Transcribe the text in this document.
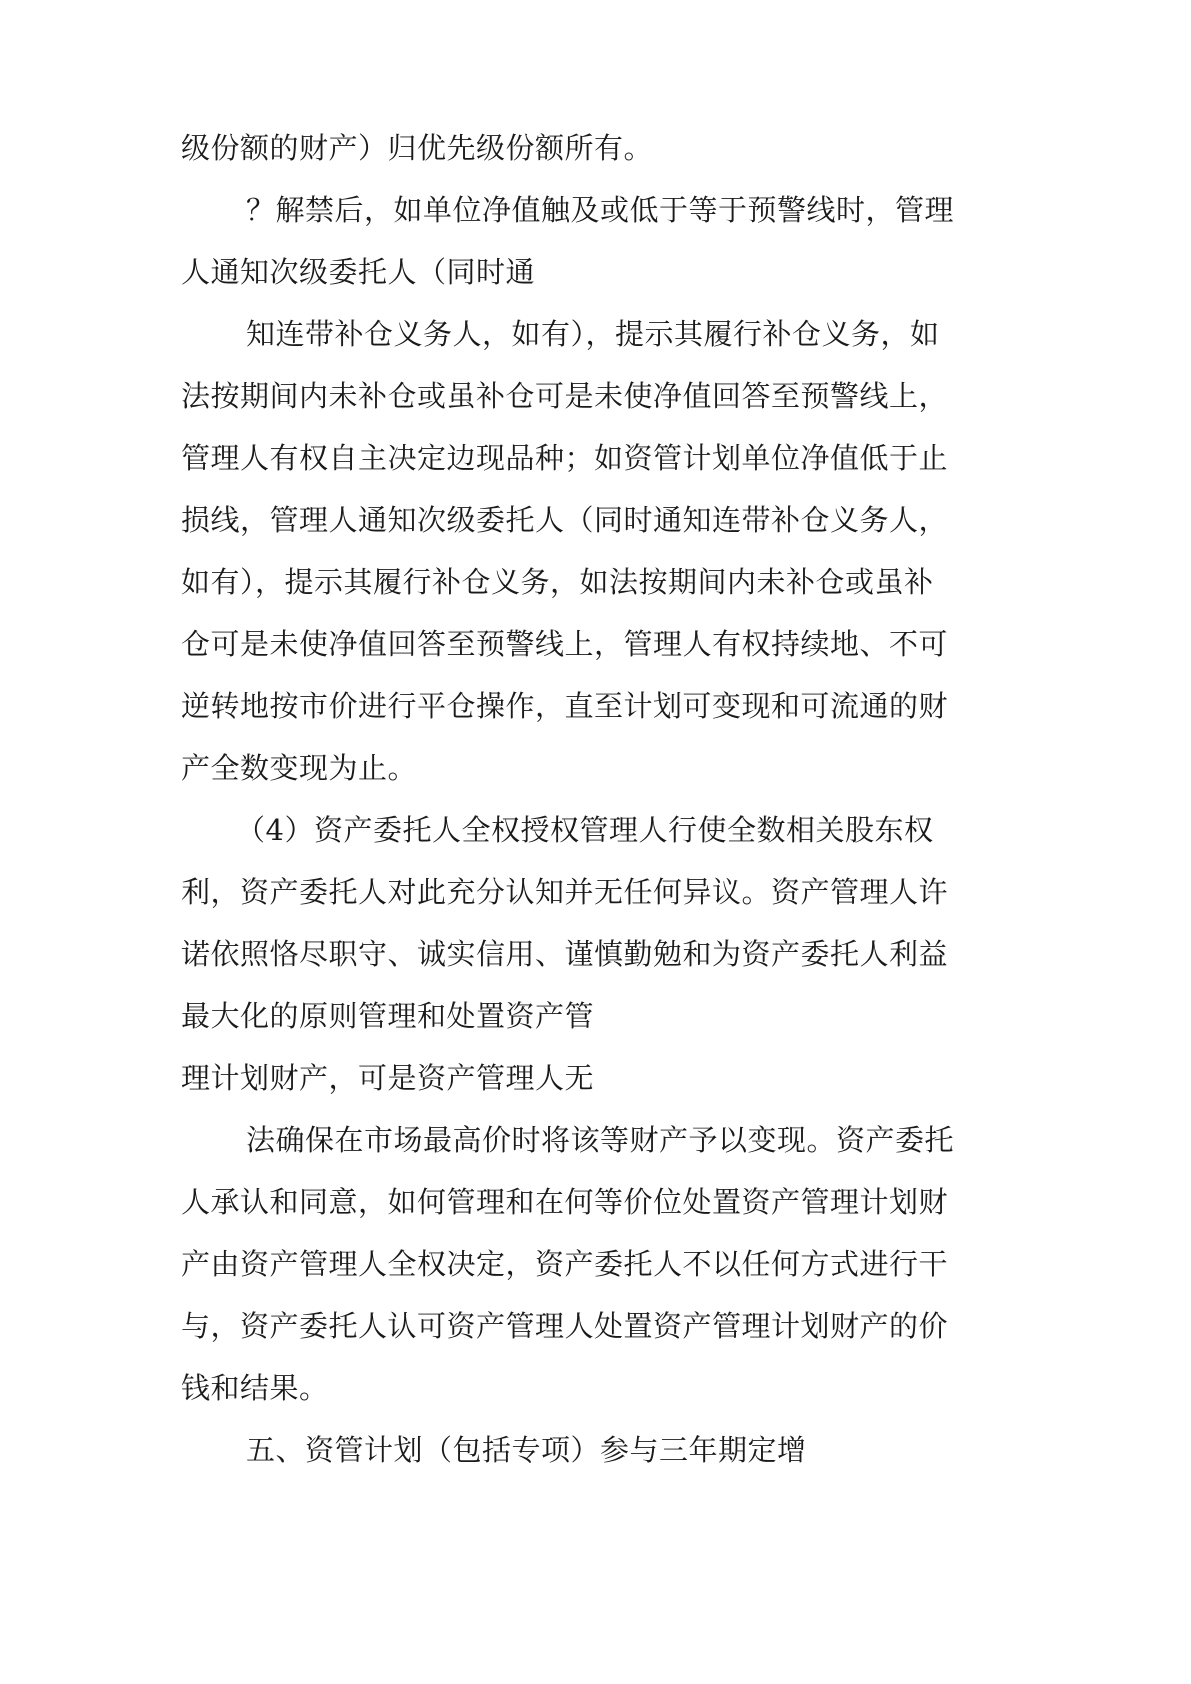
级份额的财产）归优先级份额所有。

？解禁后，如单位净值触及或低于等于预警线时，管理

人通知次级委托人（同时通

知连带补仓义务人，如有），提示其履行补仓义务，如

法按期间内未补仓或虽补仓可是未使净值回答至预警线上，

管理人有权自主决定边现品种；如资管计划单位净值低于止

损线，管理人通知次级委托人（同时通知连带补仓义务人，

如有），提示其履行补仓义务，如法按期间内未补仓或虽补

仓可是未使净值回答至预警线上，管理人有权持续地、不可

逆转地按市价进行平仓操作，直至计划可变现和可流通的财

产全数变现为止。

（4）资产委托人全权授权管理人行使全数相关股东权

利，资产委托人对此充分认知并无任何异议。资产管理人许

诺依照恪尽职守、诚实信用、谨慎勤勉和为资产委托人利益

最大化的原则管理和处置资产管

理计划财产，可是资产管理人无

法确保在市场最高价时将该等财产予以变现。资产委托

人承认和同意，如何管理和在何等价位处置资产管理计划财

产由资产管理人全权决定，资产委托人不以任何方式进行干

与，资产委托人认可资产管理人处置资产管理计划财产的价

钱和结果。

五、资管计划（包括专项）参与三年期定增
